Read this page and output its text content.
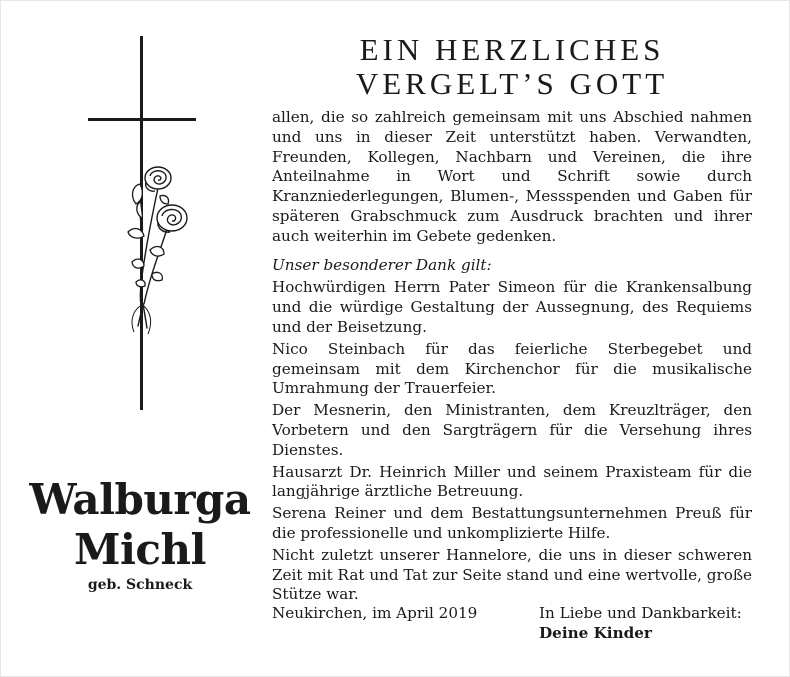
EIN HERZLICHES
VERGELT’S GOTT

allen, die so zahlreich gemeinsam mit uns Abschied nahmen und uns in dieser Zeit unterstützt haben. Verwandten, Freunden, Kollegen, Nachbarn und Vereinen, die ihre Anteilnahme in Wort und Schrift sowie durch Kranzniederlegungen, Blumen-, Messspenden und Gaben für späteren Grabschmuck zum Ausdruck brachten und ihrer auch weiterhin im Gebete gedenken.

Unser besonderer Dank gilt:

Hochwürdigen Herrn Pater Simeon für die Krankensalbung und die würdige Gestaltung der Aussegnung, des Requiems und der Beisetzung.

Nico Steinbach für das feierliche Sterbegebet und gemeinsam mit dem Kirchenchor für die musikalische Umrahmung der Trauerfeier.

Der Mesnerin, den Ministranten, dem Kreuzlträger, den Vorbetern und den Sargträgern für die Versehung ihres Dienstes.

Hausarzt Dr. Heinrich Miller und seinem Praxisteam für die langjährige ärztliche Betreuung.

Serena Reiner und dem Bestattungsunternehmen Preuß für die professionelle und unkomplizierte Hilfe.

Nicht zuletzt unserer Hannelore, die uns in dieser schweren Zeit mit Rat und Tat zur Seite stand und eine wertvolle, große Stütze war.

Neukirchen, im April 2019	In Liebe und Dankbarkeit:
Deine Kinder
Walburga
Michl
geb. Schneck
